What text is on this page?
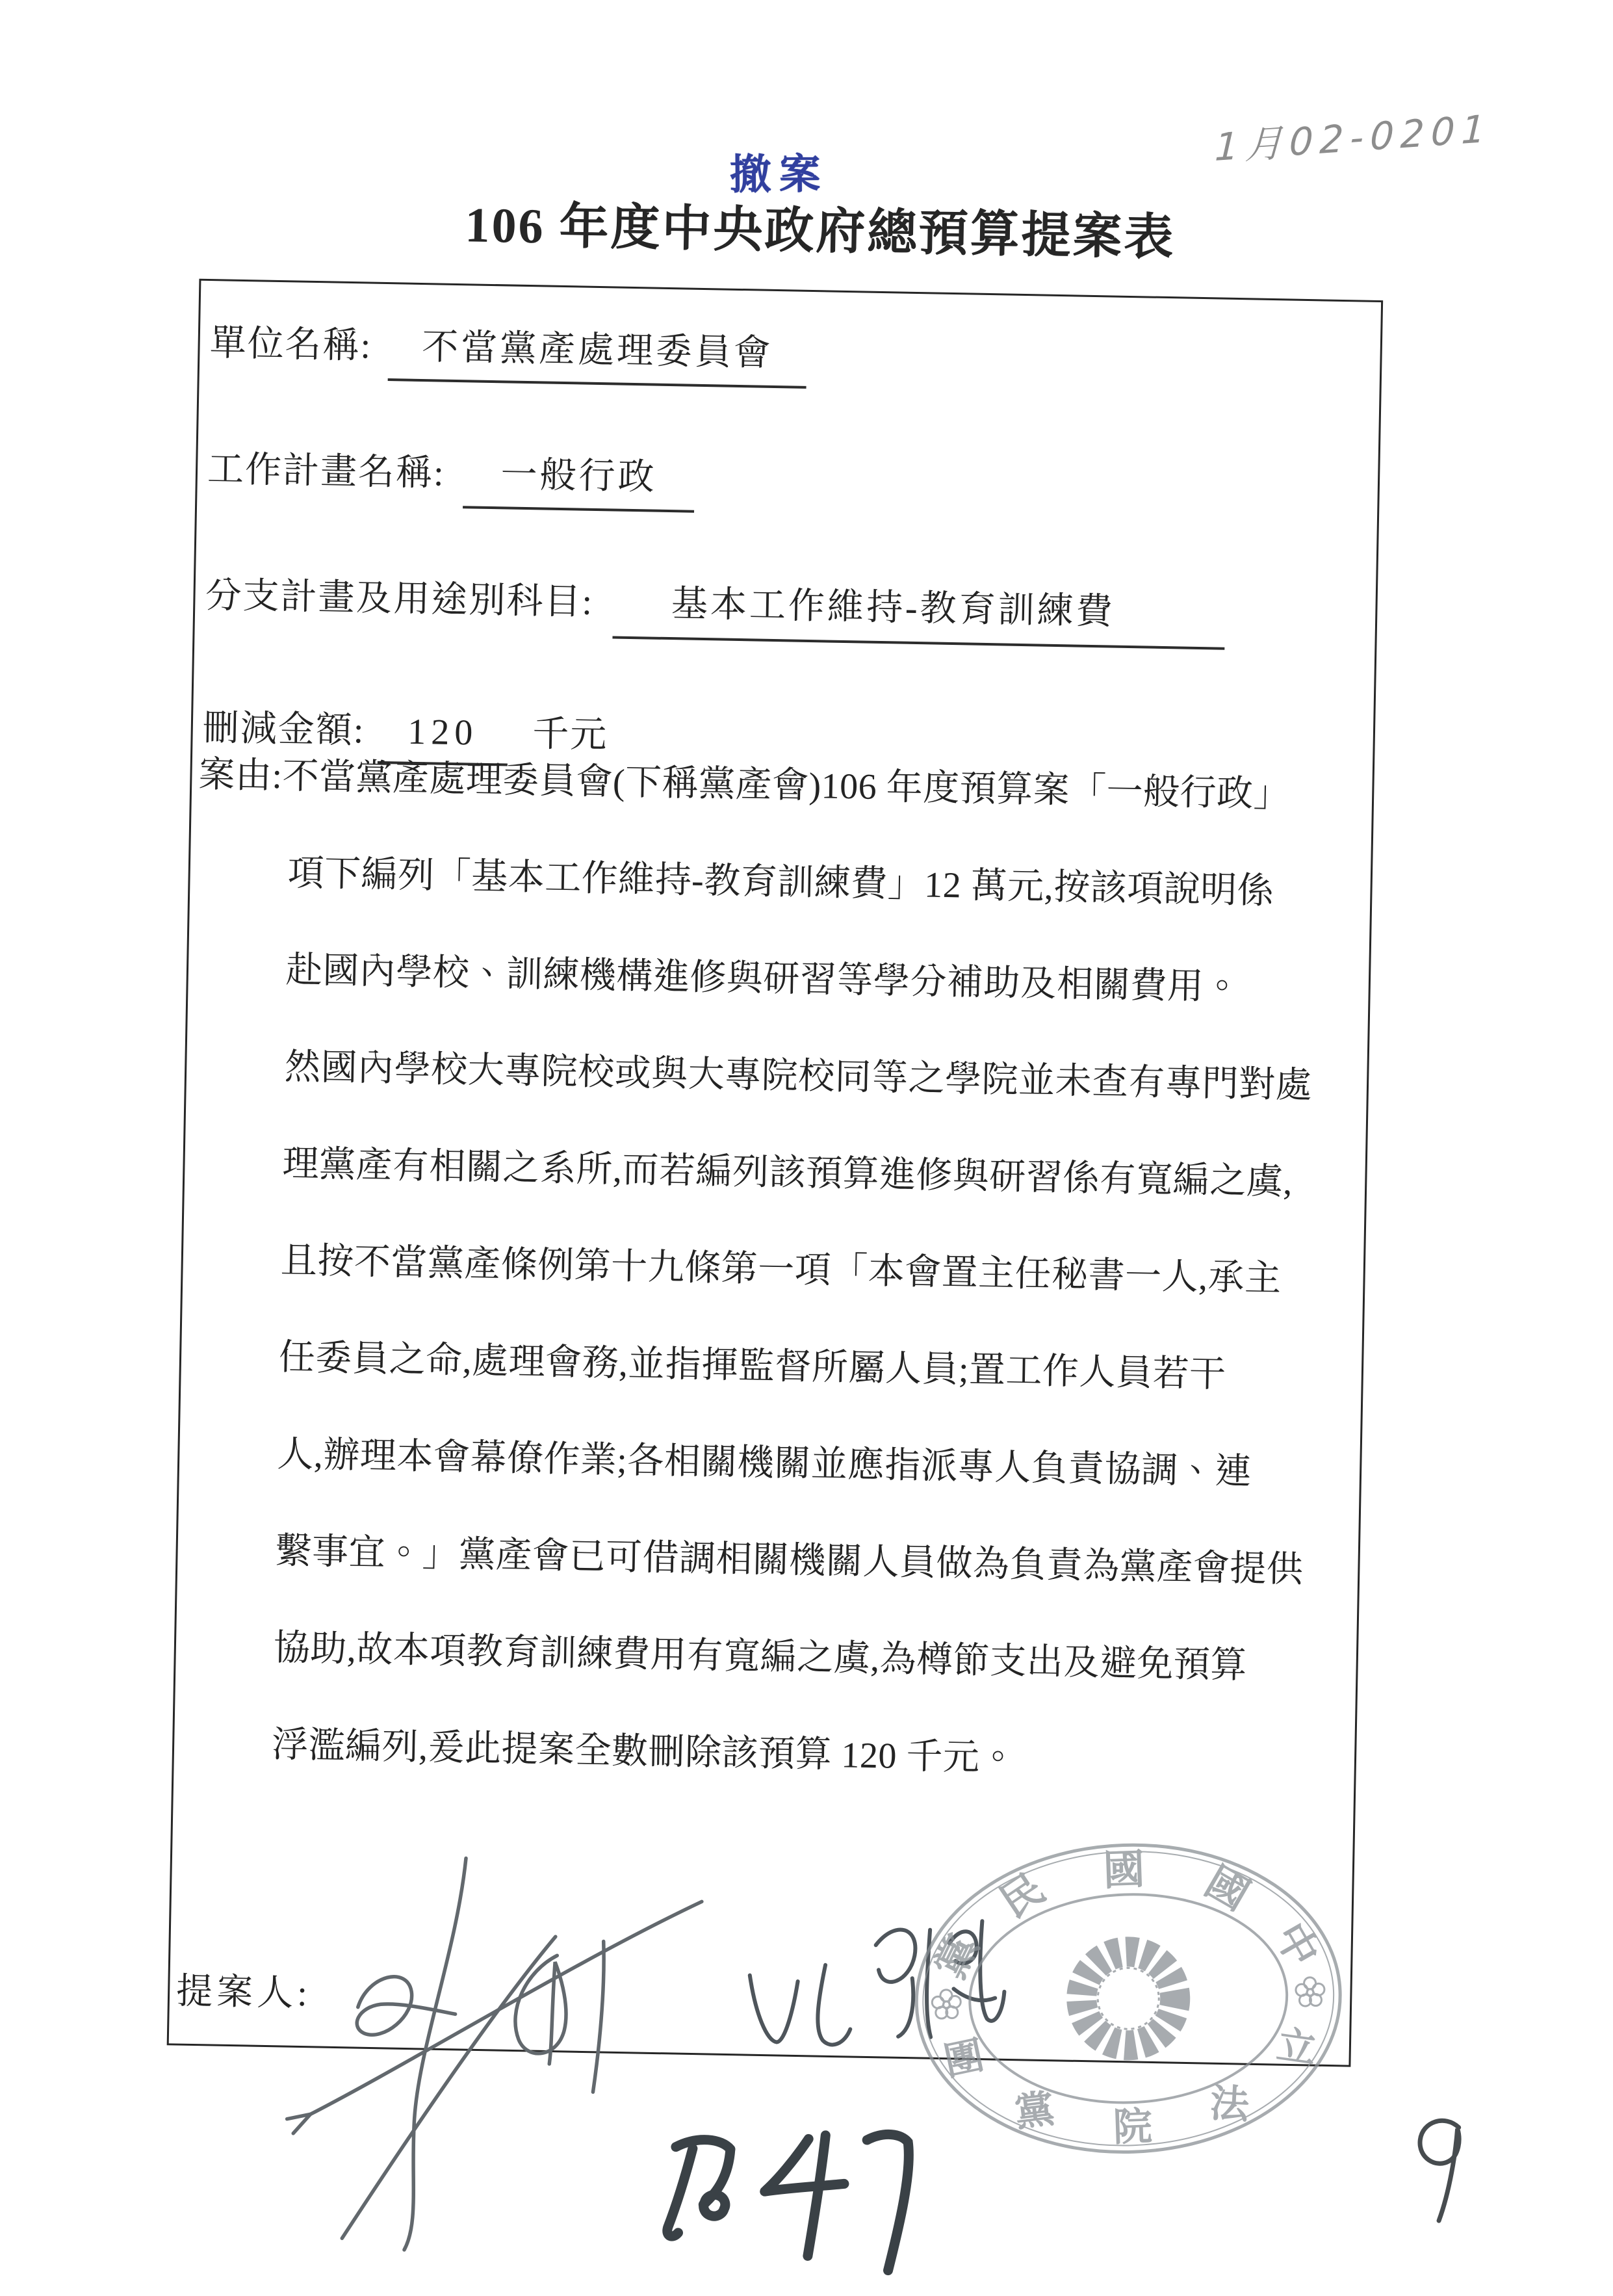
1月02-0201
撤案
106 年度中央政府總預算提案表
單位名稱: 不當黨產處理委員會
工作計畫名稱: 一般行政
分支計畫及用途別科目: 基本工作維持-教育訓練費
刪減金額: 120 千元
案由:不當黨產處理委員會(下稱黨產會)106 年度預算案「一般行政」
項下編列「基本工作維持-教育訓練費」12 萬元,按該項說明係
赴國內學校、訓練機構進修與研習等學分補助及相關費用。
然國內學校大專院校或與大專院校同等之學院並未查有專門對處
理黨產有相關之系所,而若編列該預算進修與研習係有寬編之虞,
且按不當黨產條例第十九條第一項「本會置主任秘書一人,承主
任委員之命,處理會務,並指揮監督所屬人員;置工作人員若干
人,辦理本會幕僚作業;各相關機關並應指派專人負責協調、連
繫事宜。」黨產會已可借調相關機關人員做為負責為黨產會提供
協助,故本項教育訓練費用有寬編之虞,為樽節支出及避免預算
浮濫編列,爰此提案全數刪除該預算 120 千元。
提案人:
中
國
國
民
黨
立
法
院
黨
團
